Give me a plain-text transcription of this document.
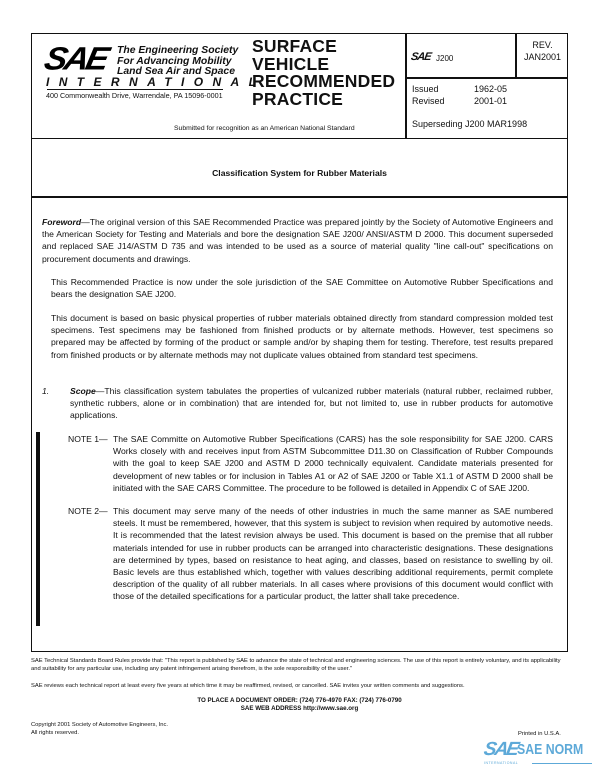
SAE The Engineering Society
For Advancing Mobility
Land Sea Air and Space
INTERNATIONAL
400 Commonwealth Drive, Warrendale, PA 15096-0001
SURFACE
VEHICLE
RECOMMENDED
PRACTICE
Submitted for recognition as an American National Standard
SAE J200
REV.
JAN2001
Issued
Revised
1962-05
2001-01
Superseding J200 MAR1998
Classification System for Rubber Materials
Foreword—The original version of this SAE Recommended Practice was prepared jointly by the Society of Automotive Engineers and the American Society for Testing and Materials and bore the designation SAE J200/ ANSI/ASTM D 2000. This document superseded and replaced SAE J14/ASTM D 735 and was intended to be used as a source of material quality "line call-out" specifications on procurement documents and drawings.
This Recommended Practice is now under the sole jurisdiction of the SAE Committee on Automotive Rubber Specifications and bears the designation SAE J200.
This document is based on basic physical properties of rubber materials obtained directly from standard compression molded test specimens. Test specimens may be fashioned from finished products or by alternate methods. However, test specimens so prepared may be affected by forming of the product or sample and/or by shaping them for testing. Therefore, test results prepared from finished products or by alternate methods may not duplicate values obtained from standard test specimens.
1.	Scope—This classification system tabulates the properties of vulcanized rubber materials (natural rubber, reclaimed rubber, synthetic rubbers, alone or in combination) that are intended for, but not limited to, use in rubber products for automotive applications.
NOTE 1— The SAE Committe on Automotive Rubber Specifications (CARS) has the sole responsibility for SAE J200. CARS Works closely with and receives input from ASTM Subcommittee D11.30 on Classification of Rubber Compounds with the goal to keep SAE J200 and ASTM D 2000 technically equivalent. Candidate materials presented for development of new tables or for inclusion in Tables A1 or A2 of SAE J200 or Table X1.1 of ASTM D 2000 shall be initiated with the SAE CARS Committee. The procedure to be followed is detailed in Appendix C of SAE J200.
NOTE 2— This document may serve many of the needs of other industries in much the same manner as SAE numbered steels. It must be remembered, however, that this system is subject to revision when required by automotive needs. It is recommended that the latest revision always be used. This document is based on the premise that all rubber materials intended for use in rubber products can be arranged into characteristic designations. These designations are determined by types, based on resistance to heat aging, and classes, based on resistance to swelling by oil. Basic levels are thus established which, together with values describing additional requirements, permit complete description of the quality of all rubber materials. In all cases where provisions of this document would conflict with those of the detailed specifications for a particular product, the latter shall take precedence.
SAE Technical Standards Board Rules provide that: "This report is published by SAE to advance the state of technical and engineering sciences. The use of this report is entirely voluntary, and its applicability and suitability for any particular use, including any patent infringement arising therefrom, is the sole responsibility of the user."
SAE reviews each technical report at least every five years at which time it may be reaffirmed, revised, or cancelled. SAE invites your written comments and suggestions.
TO PLACE A DOCUMENT ORDER: (724) 776-4970 FAX: (724) 776-0790
SAE WEB ADDRESS http://www.sae.org
Copyright 2001 Society of Automotive Engineers, Inc.
All rights reserved.	Printed in U.S.A.
SAE
SAE NORM
INTERNATIONAL
